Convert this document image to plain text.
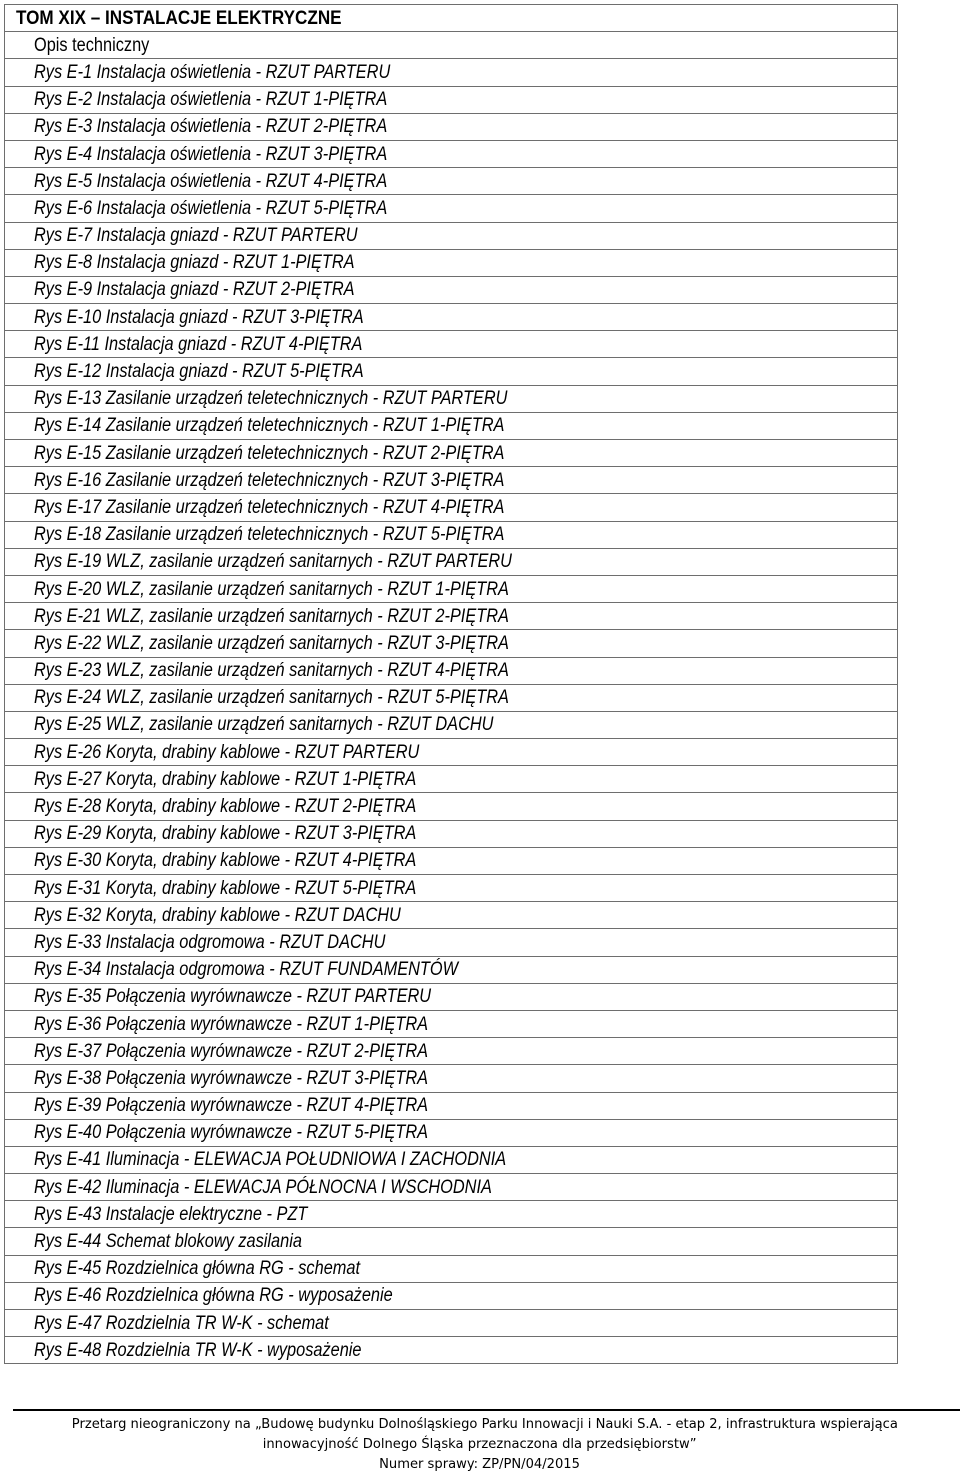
TOM XIX – INSTALACJE ELEKTRYCZNE
Opis techniczny
Rys E-1 Instalacja oświetlenia - RZUT PARTERU
Rys E-2 Instalacja oświetlenia - RZUT 1-PIĘTRA
Rys E-3 Instalacja oświetlenia - RZUT 2-PIĘTRA
Rys E-4 Instalacja oświetlenia - RZUT 3-PIĘTRA
Rys E-5 Instalacja oświetlenia - RZUT 4-PIĘTRA
Rys E-6 Instalacja oświetlenia - RZUT 5-PIĘTRA
Rys E-7 Instalacja gniazd - RZUT PARTERU
Rys E-8 Instalacja gniazd - RZUT 1-PIĘTRA
Rys E-9 Instalacja gniazd - RZUT 2-PIĘTRA
Rys E-10 Instalacja gniazd - RZUT 3-PIĘTRA
Rys E-11 Instalacja gniazd - RZUT 4-PIĘTRA
Rys E-12 Instalacja gniazd - RZUT 5-PIĘTRA
Rys E-13 Zasilanie urządzeń teletechnicznych - RZUT PARTERU
Rys E-14 Zasilanie urządzeń teletechnicznych - RZUT 1-PIĘTRA
Rys E-15 Zasilanie urządzeń teletechnicznych - RZUT 2-PIĘTRA
Rys E-16 Zasilanie urządzeń teletechnicznych - RZUT 3-PIĘTRA
Rys E-17 Zasilanie urządzeń teletechnicznych - RZUT 4-PIĘTRA
Rys E-18 Zasilanie urządzeń teletechnicznych - RZUT 5-PIĘTRA
Rys E-19 WLZ, zasilanie urządzeń sanitarnych - RZUT PARTERU
Rys E-20 WLZ, zasilanie urządzeń sanitarnych - RZUT 1-PIĘTRA
Rys E-21 WLZ, zasilanie urządzeń sanitarnych - RZUT 2-PIĘTRA
Rys E-22 WLZ, zasilanie urządzeń sanitarnych - RZUT 3-PIĘTRA
Rys E-23 WLZ, zasilanie urządzeń sanitarnych - RZUT 4-PIĘTRA
Rys E-24 WLZ, zasilanie urządzeń sanitarnych - RZUT 5-PIĘTRA
Rys E-25 WLZ, zasilanie urządzeń sanitarnych - RZUT DACHU
Rys E-26 Koryta, drabiny kablowe - RZUT PARTERU
Rys E-27 Koryta, drabiny kablowe - RZUT 1-PIĘTRA
Rys E-28 Koryta, drabiny kablowe - RZUT 2-PIĘTRA
Rys E-29 Koryta, drabiny kablowe - RZUT 3-PIĘTRA
Rys E-30 Koryta, drabiny kablowe - RZUT 4-PIĘTRA
Rys E-31 Koryta, drabiny kablowe - RZUT 5-PIĘTRA
Rys E-32 Koryta, drabiny kablowe - RZUT DACHU
Rys E-33 Instalacja odgromowa - RZUT DACHU
Rys E-34 Instalacja odgromowa - RZUT FUNDAMENTÓW
Rys E-35 Połączenia wyrównawcze - RZUT PARTERU
Rys E-36 Połączenia wyrównawcze - RZUT 1-PIĘTRA
Rys E-37 Połączenia wyrównawcze - RZUT 2-PIĘTRA
Rys E-38 Połączenia wyrównawcze - RZUT 3-PIĘTRA
Rys E-39 Połączenia wyrównawcze - RZUT 4-PIĘTRA
Rys E-40 Połączenia wyrównawcze - RZUT 5-PIĘTRA
Rys E-41 Iluminacja - ELEWACJA POŁUDNIOWA I ZACHODNIA
Rys E-42 Iluminacja - ELEWACJA PÓŁNOCNA I WSCHODNIA
Rys E-43 Instalacje elektryczne - PZT
Rys E-44 Schemat blokowy zasilania
Rys E-45 Rozdzielnica główna RG - schemat
Rys E-46 Rozdzielnica główna RG - wyposażenie
Rys E-47 Rozdzielnia TR W-K - schemat
Rys E-48 Rozdzielnia TR W-K - wyposażenie
Przetarg nieograniczony na „Budowę budynku Dolnośląskiego Parku Innowacji i Nauki S.A. - etap 2, infrastruktura wspierająca
innowacyjność Dolnego Śląska przeznaczona dla przedsiębiorstw”
Numer sprawy: ZP/PN/04/2015
